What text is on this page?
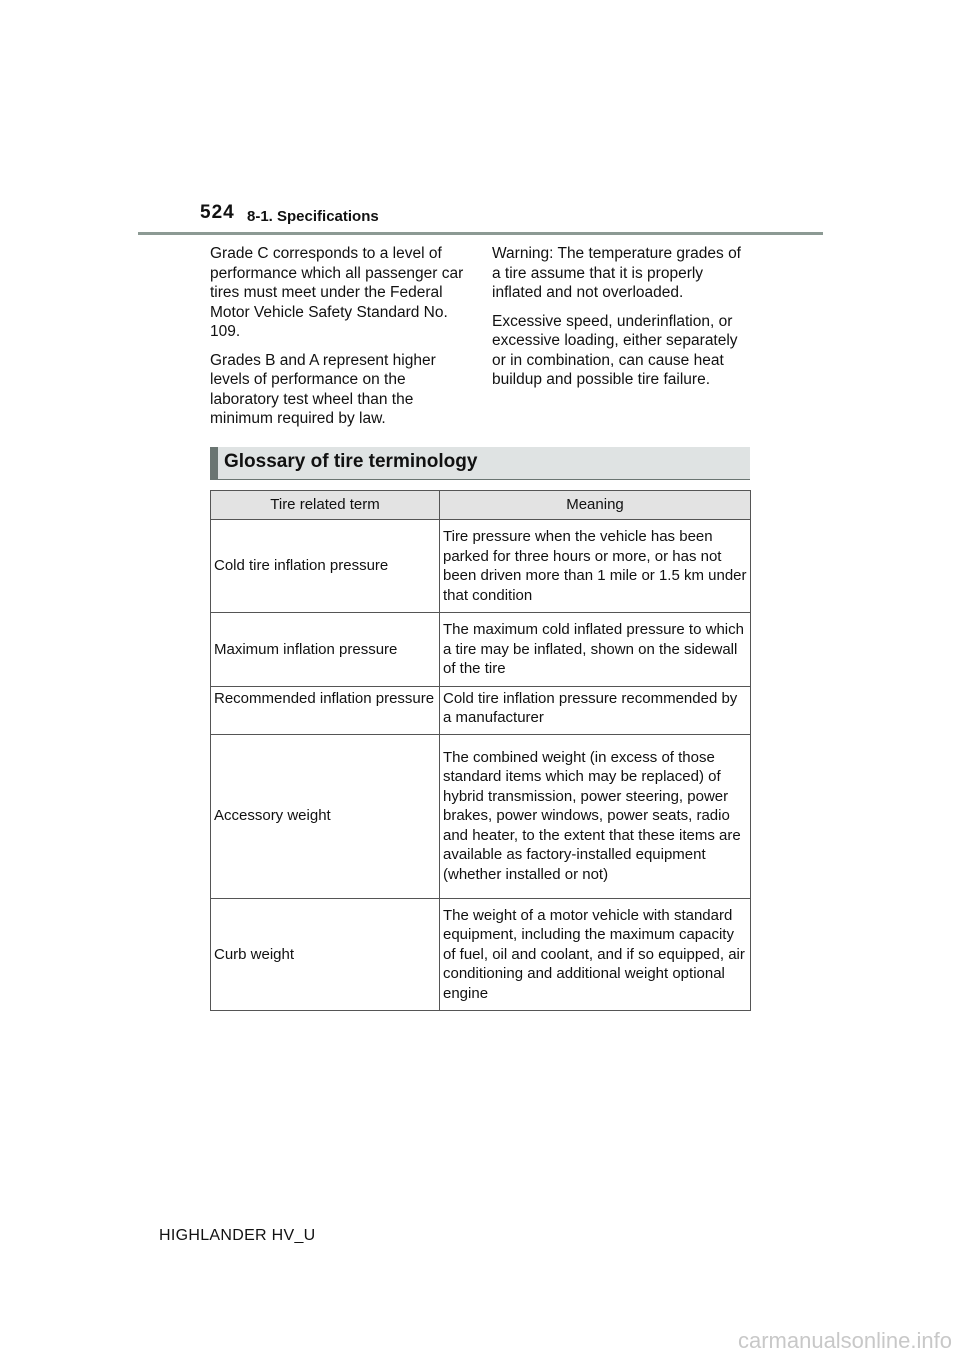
524 8-1. Specifications

Grade C corresponds to a level of performance which all passenger car tires must meet under the Federal Motor Vehicle Safety Standard No. 109.

Grades B and A represent higher levels of performance on the laboratory test wheel than the minimum required by law.

Warning: The temperature grades of a tire assume that it is properly inflated and not overloaded.

Excessive speed, underinflation, or excessive loading, either separately or in combination, can cause heat buildup and possible tire failure.

Glossary of tire terminology
Tire related term	Meaning
Cold tire inflation pressure	Tire pressure when the vehicle has been parked for three hours or more, or has not been driven more than 1 mile or 1.5 km under that condition
Maximum inflation pressure	The maximum cold inflated pressure to which a tire may be inflated, shown on the sidewall of the tire
Recommended inflation pressure	Cold tire inflation pressure recommended by a manufacturer
Accessory weight	The combined weight (in excess of those standard items which may be replaced) of hybrid transmission, power steering, power brakes, power windows, power seats, radio and heater, to the extent that these items are available as factory-installed equipment (whether installed or not)
Curb weight	The weight of a motor vehicle with standard equipment, including the maximum capacity of fuel, oil and coolant, and if so equipped, air conditioning and additional weight optional engine
HIGHLANDER HV_U
carmanualsonline.info
